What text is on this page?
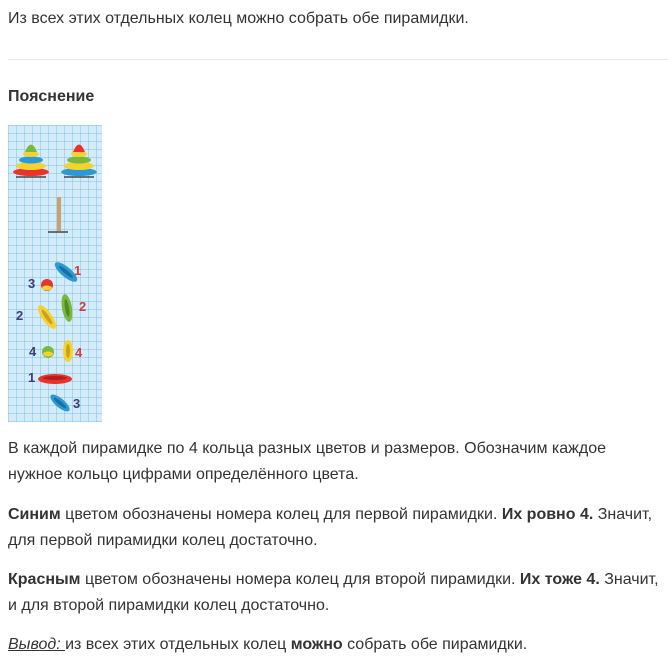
Из всех этих отдельных колец можно собрать обе пирамидки.

Пояснение
1
3
2
2
4	4
1
3

В каждой пирамидке по 4 кольца разных цветов и размеров. Обозначим каждое нужное кольцо цифрами определённого цвета.

Синим цветом обозначены номера колец для первой пирамидки. Их ровно 4. Значит, для первой пирамидки колец достаточно.

Красным цветом обозначены номера колец для второй пирамидки. Их тоже 4. Значит, и для второй пирамидки колец достаточно.

Вывод: из всех этих отдельных колец можно собрать обе пирамидки.
